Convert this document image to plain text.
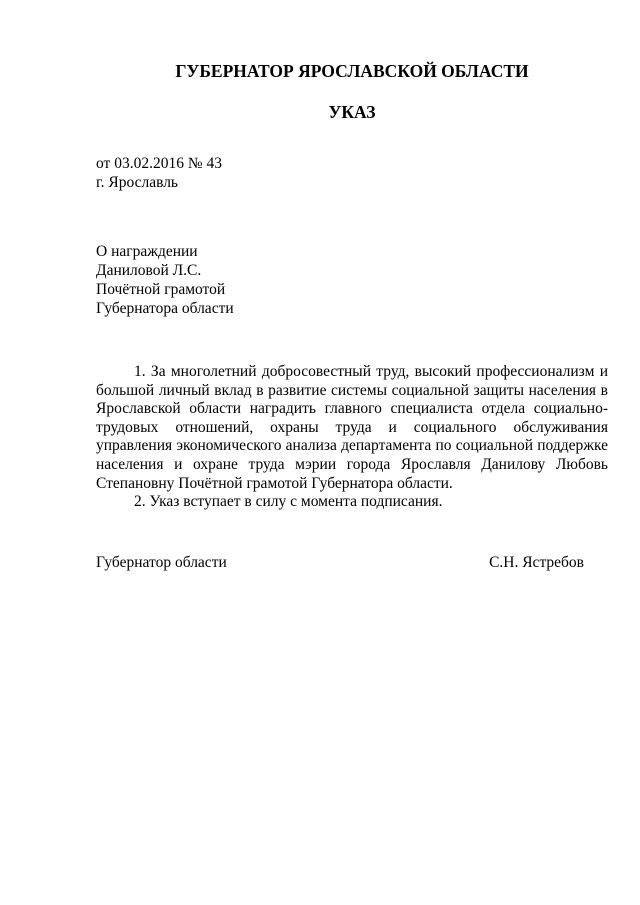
ГУБЕРНАТОР ЯРОСЛАВСКОЙ ОБЛАСТИ
УКАЗ

от 03.02.2016 № 43

г. Ярославль

О награждении
Даниловой Л.С.
Почётной грамотой
Губернатора области

1. За многолетний добросовестный труд, высокий профессионализм и большой личный вклад в развитие системы социальной защиты населения в Ярославской области наградить главного специалиста отдела социально-трудовых отношений, охраны труда и социального обслуживания управления экономического анализа департамента по социальной поддержке населения и охране труда мэрии города Ярославля Данилову Любовь Степановну Почётной грамотой Губернатора области.

2. Указ вступает в силу с момента подписания.

Губернатор области	С.Н. Ястребов
